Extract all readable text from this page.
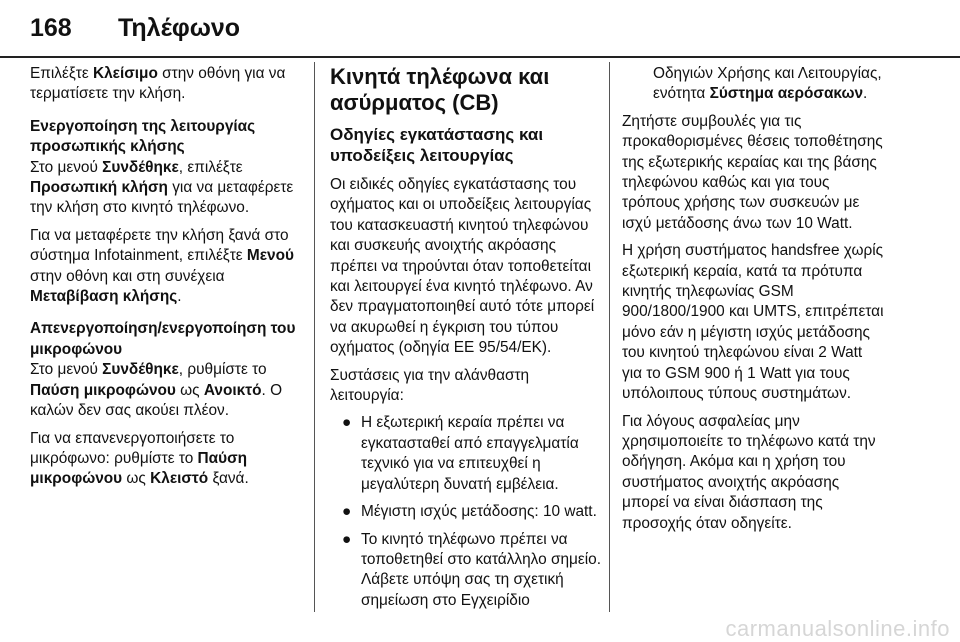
168 Τηλέφωνο

Επιλέξτε Κλείσιμο στην οθόνη για να τερματίσετε την κλήση.

Ενεργοποίηση της λειτουργίας προσωπικής κλήσης

Στο μενού Συνδέθηκε, επιλέξτε Προσωπική κλήση για να μεταφέρετε την κλήση στο κινητό τηλέφωνο.

Για να μεταφέρετε την κλήση ξανά στο σύστημα Infotainment, επιλέξτε Μενού στην οθόνη και στη συνέχεια Μεταβίβαση κλήσης.

Απενεργοποίηση/ενεργοποίηση του μικροφώνου

Στο μενού Συνδέθηκε, ρυθμίστε το Παύση μικροφώνου ως Ανοικτό. Ο καλών δεν σας ακούει πλέον.

Για να επανενεργοποιήσετε το μικρόφωνο: ρυθμίστε το Παύση μικροφώνου ως Κλειστό ξανά.

Κινητά τηλέφωνα και ασύρματος (CB)

Οδηγίες εγκατάστασης και υποδείξεις λειτουργίας

Οι ειδικές οδηγίες εγκατάστασης του οχήματος και οι υποδείξεις λειτουργίας του κατασκευαστή κινητού τηλεφώνου και συσκευής ανοιχτής ακρόασης πρέπει να τηρούνται όταν τοποθετείται και λειτουργεί ένα κινητό τηλέφωνο. Αν δεν πραγματοποιηθεί αυτό τότε μπορεί να ακυρωθεί η έγκριση του τύπου οχήματος (οδηγία ΕΕ 95/54/EK).

Συστάσεις για την αλάνθαστη λειτουργία:

● Η εξωτερική κεραία πρέπει να εγκατασταθεί από επαγγελματία τεχνικό για να επιτευχθεί η μεγαλύτερη δυνατή εμβέλεια.
● Μέγιστη ισχύς μετάδοσης: 10 watt.
● Το κινητό τηλέφωνο πρέπει να τοποθετηθεί στο κατάλληλο σημείο. Λάβετε υπόψη σας τη σχετική σημείωση στο Εγχειρίδιο

Οδηγιών Χρήσης και Λειτουργίας, ενότητα Σύστημα αερόσακων.

Ζητήστε συμβουλές για τις προκαθορισμένες θέσεις τοποθέτησης της εξωτερικής κεραίας και της βάσης τηλεφώνου καθώς και για τους τρόπους χρήσης των συσκευών με ισχύ μετάδοσης άνω των 10 Watt.

Η χρήση συστήματος handsfree χωρίς εξωτερική κεραία, κατά τα πρότυπα κινητής τηλεφωνίας GSM 900/1800/1900 και UMTS, επιτρέπεται μόνο εάν η μέγιστη ισχύς μετάδοσης του κινητού τηλεφώνου είναι 2 Watt για το GSM 900 ή 1 Watt για τους υπόλοιπους τύπους συστημάτων.

Για λόγους ασφαλείας μην χρησιμοποιείτε το τηλέφωνο κατά την οδήγηση. Ακόμα και η χρήση του συστήματος ανοιχτής ακρόασης μπορεί να είναι διάσπαση της προσοχής όταν οδηγείτε.

carmanualsonline.info
